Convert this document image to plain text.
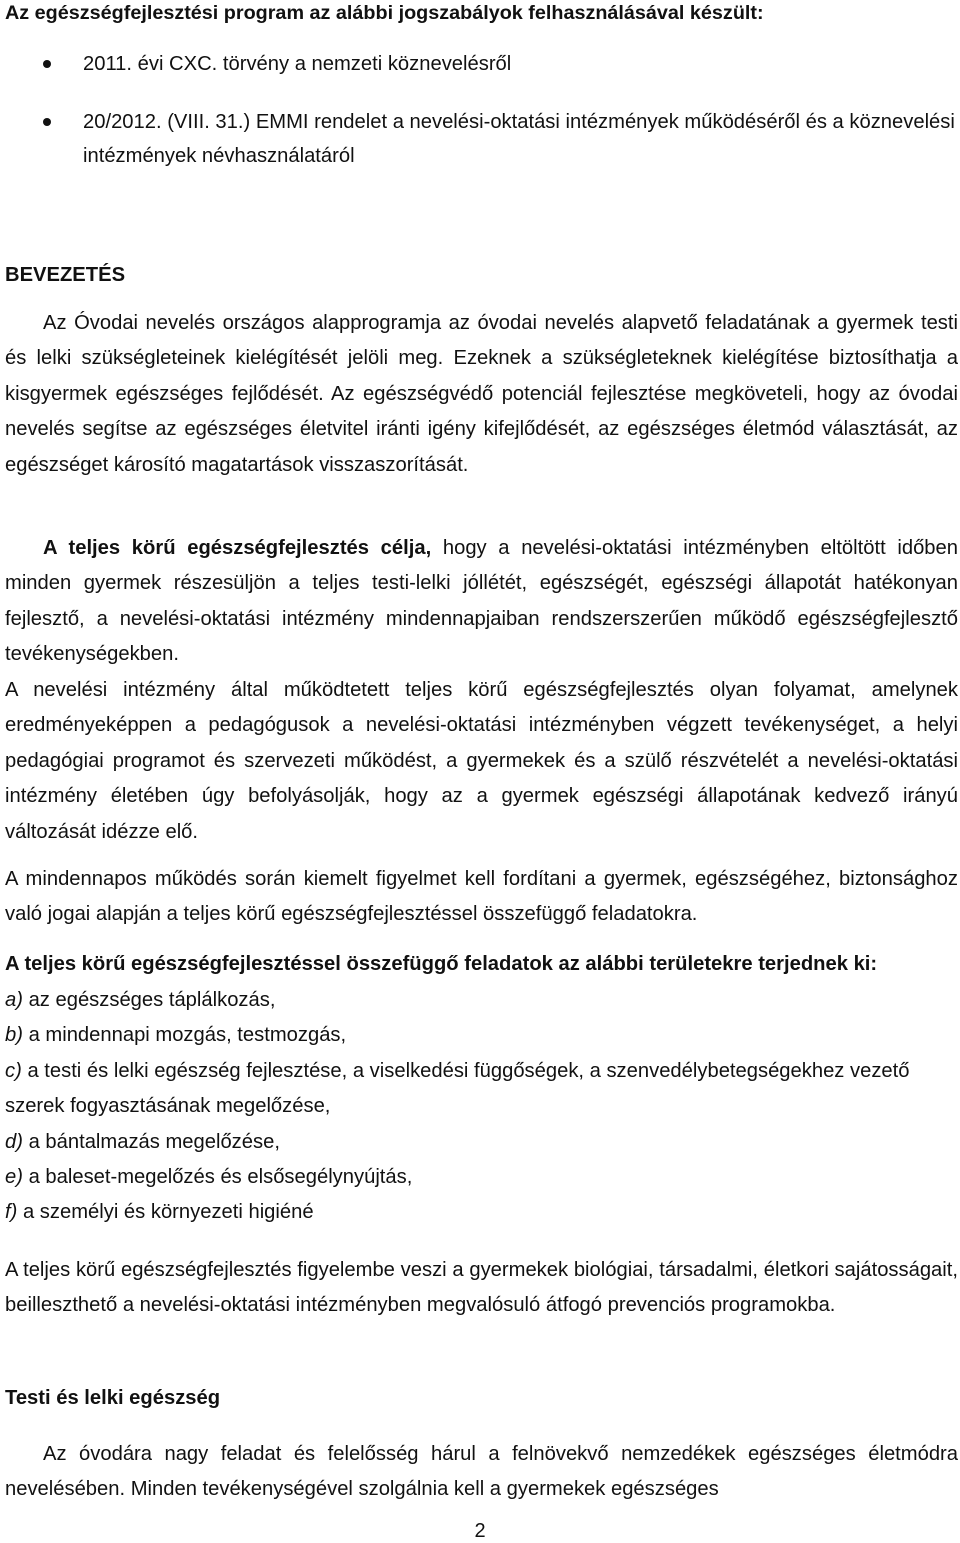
Az egészségfejlesztési program az alábbi jogszabályok felhasználásával készült:

2011. évi CXC. törvény a nemzeti köznevelésről
20/2012. (VIII. 31.) EMMI rendelet a nevelési-oktatási intézmények működéséről és a köznevelési intézmények névhasználatáról

BEVEZETÉS

Az Óvodai nevelés országos alapprogramja az óvodai nevelés alapvető feladatának a gyermek testi és lelki szükségleteinek kielégítését jelöli meg. Ezeknek a szükségleteknek kielégítése biztosíthatja a kisgyermek egészséges fejlődését. Az egészségvédő potenciál fejlesztése megköveteli, hogy az óvodai nevelés segítse az egészséges életvitel iránti igény kifejlődését, az egészséges életmód választását, az egészséget károsító magatartások visszaszorítását.

A teljes körű egészségfejlesztés célja, hogy a nevelési-oktatási intézményben eltöltött időben minden gyermek részesüljön a teljes testi-lelki jóllétét, egészségét, egészségi állapotát hatékonyan fejlesztő, a nevelési-oktatási intézmény mindennapjaiban rendszerszerűen működő egészségfejlesztő tevékenységekben.

A nevelési intézmény által működtetett teljes körű egészségfejlesztés olyan folyamat, amelynek eredményeképpen a pedagógusok a nevelési-oktatási intézményben végzett tevékenységet, a helyi pedagógiai programot és szervezeti működést, a gyermekek és a szülő részvételét a nevelési-oktatási intézmény életében úgy befolyásolják, hogy az a gyermek egészségi állapotának kedvező irányú változását idézze elő.

A mindennapos működés során kiemelt figyelmet kell fordítani a gyermek, egészségéhez, biztonsághoz való jogai alapján a teljes körű egészségfejlesztéssel összefüggő feladatokra.

A teljes körű egészségfejlesztéssel összefüggő feladatok az alábbi területekre terjednek ki:

a) az egészséges táplálkozás,
b) a mindennapi mozgás, testmozgás,
c) a testi és lelki egészség fejlesztése, a viselkedési függőségek, a szenvedélybetegségekhez vezető szerek fogyasztásának megelőzése,
d) a bántalmazás megelőzése,
e) a baleset-megelőzés és elsősegélynyújtás,
f) a személyi és környezeti higiéné

A teljes körű egészségfejlesztés figyelembe veszi a gyermekek biológiai, társadalmi, életkori sajátosságait, beilleszthető a nevelési-oktatási intézményben megvalósuló átfogó prevenciós programokba.

Testi és lelki egészség

Az óvodára nagy feladat és felelősség hárul a felnövekvő nemzedékek egészséges életmódra nevelésében. Minden tevékenységével szolgálnia kell a gyermekek egészséges

2
